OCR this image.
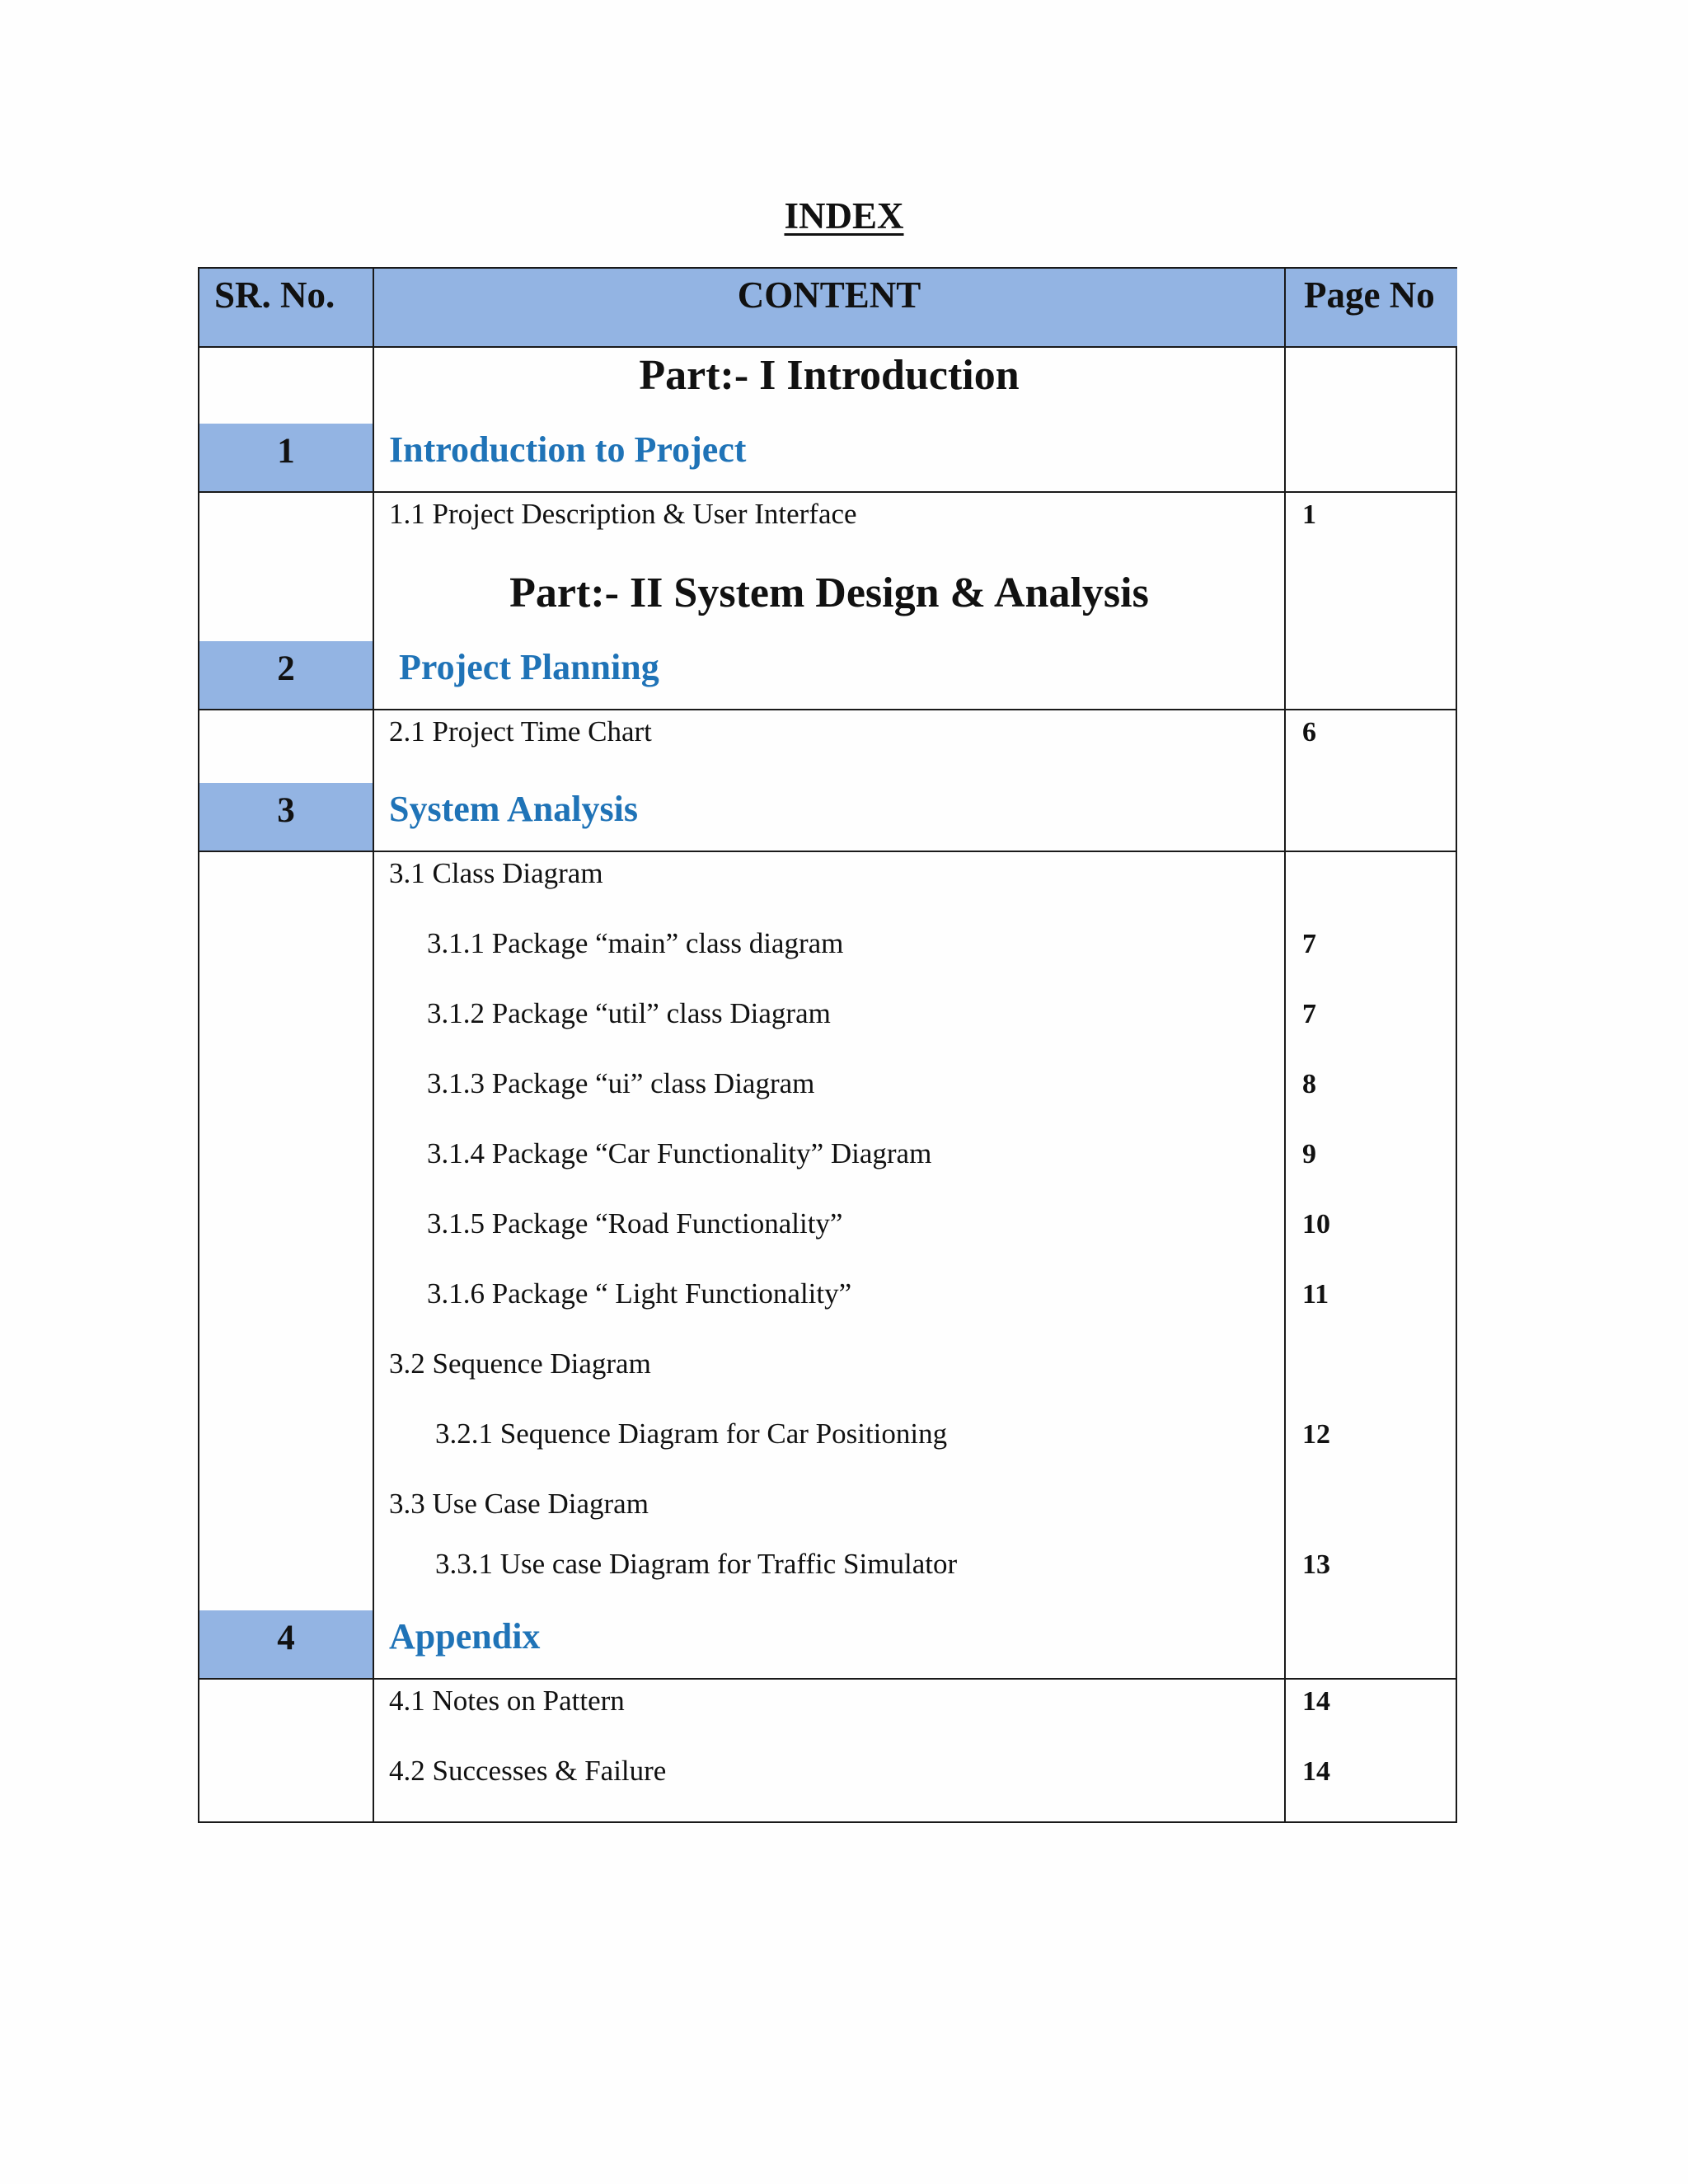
INDEX
SR. No.	CONTENT	Page No
Part:- I Introduction
1	Introduction to Project
1.1 Project Description & User Interface	1
Part:- II System Design & Analysis
2	Project Planning
2.1 Project Time Chart	6
3	System Analysis
3.1 Class Diagram
3.1.1 Package “main” class diagram	7
3.1.2 Package “util” class Diagram	7
3.1.3 Package “ui” class Diagram	8
3.1.4 Package “Car Functionality” Diagram	9
3.1.5 Package “Road Functionality”	10
3.1.6 Package “ Light Functionality”	11
3.2 Sequence Diagram
3.2.1 Sequence Diagram for Car Positioning	12
3.3 Use Case Diagram
3.3.1 Use case Diagram for Traffic Simulator	13
4	Appendix
4.1 Notes on Pattern	14
4.2 Successes & Failure	14
